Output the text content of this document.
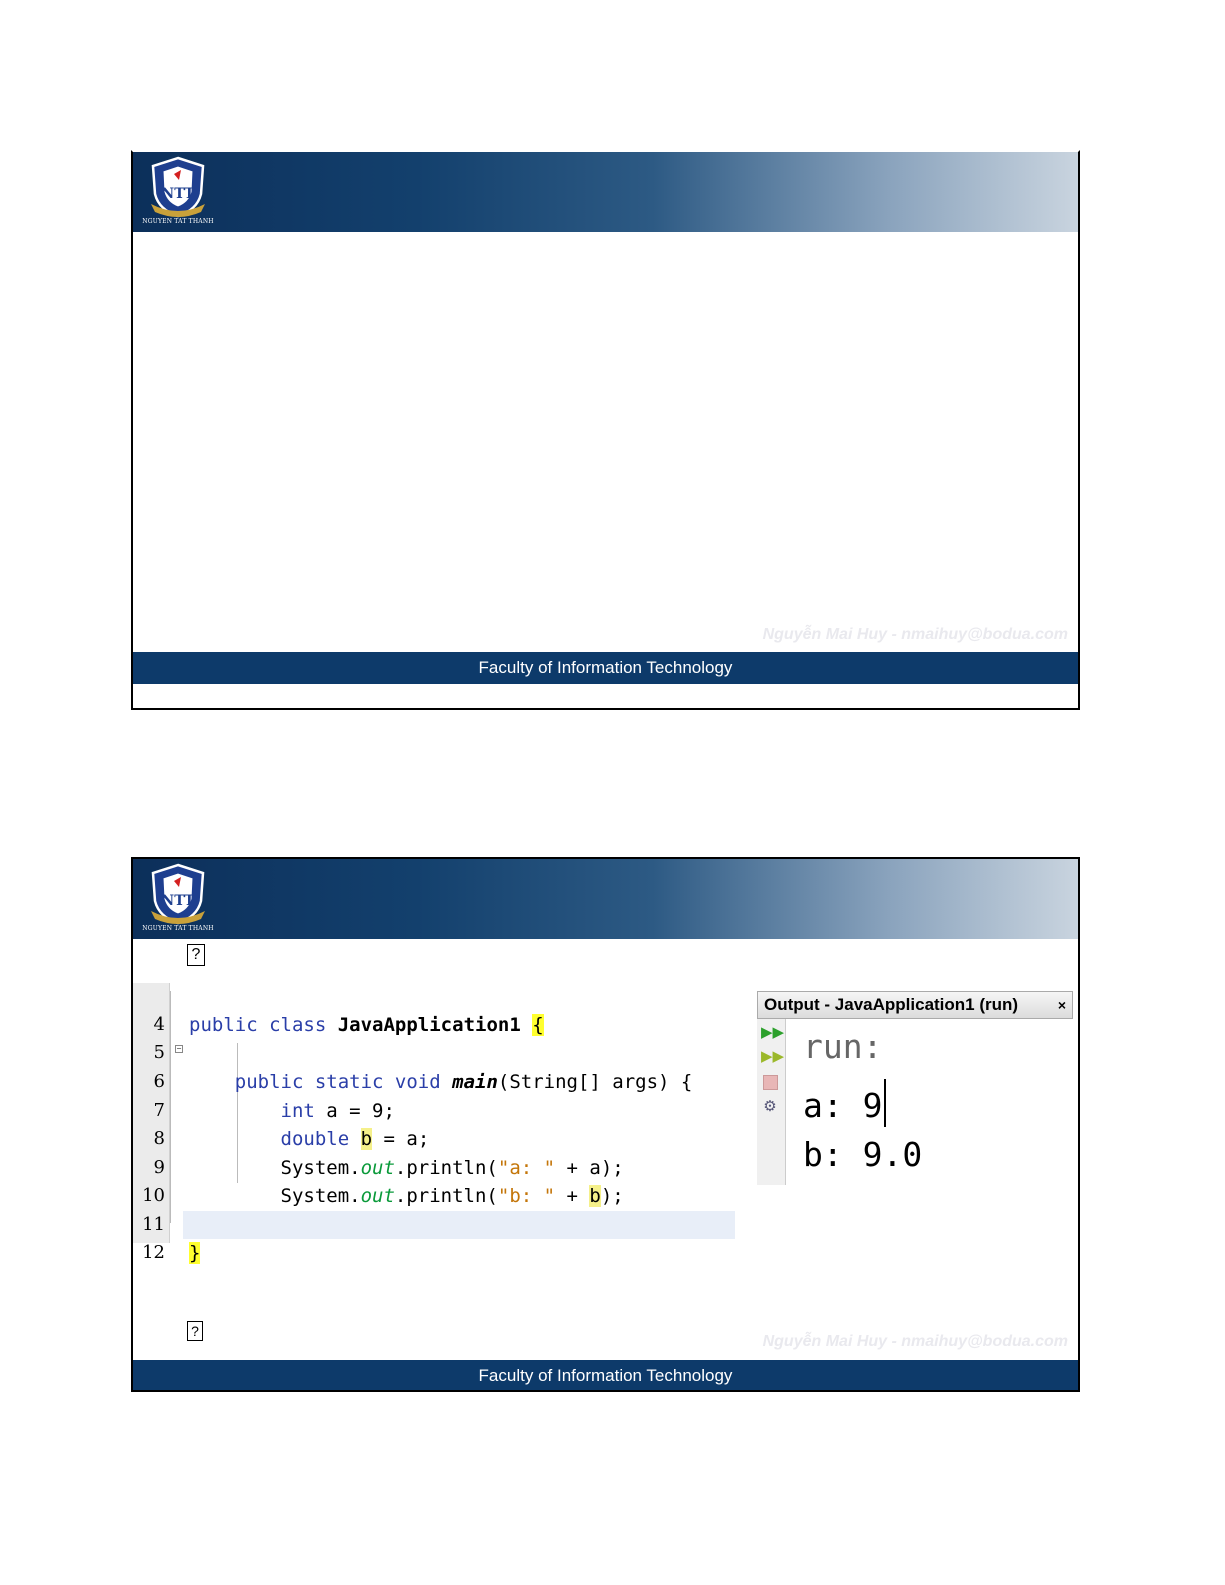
NTT
NGUYEN TAT THANH
Nguyễn Mai Huy - nmaihuy@bodua.com
Faculty of Information Technology
NTT
NGUYEN TAT THANH
?
−

4 public class JavaApplication1 {

5

6	public static void main(String[] args) {

7	int a = 9;

8	double b = a;

9 System.out.println("a: " + a);

10 System.out.println("b: " + b);

11

12 }

Output - JavaApplication1 (run)	×
▶▶
▶▶
⚙
run:
a: 9
b: 9.0
?
Nguyễn Mai Huy - nmaihuy@bodua.com
Faculty of Information Technology
